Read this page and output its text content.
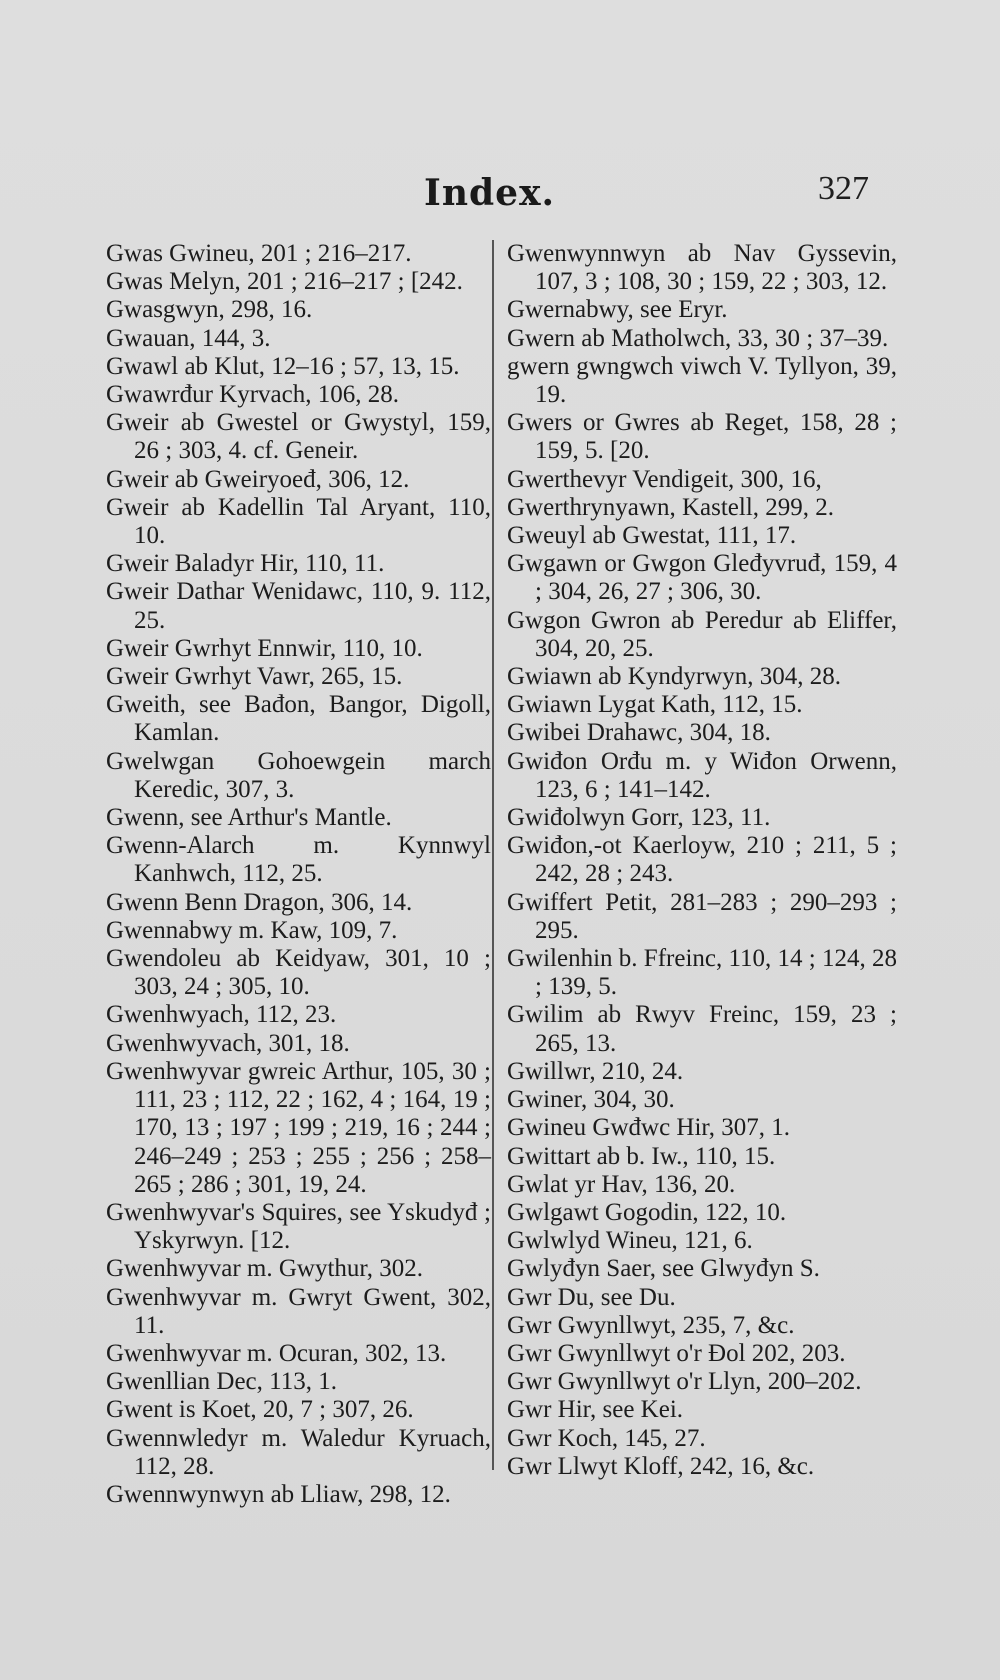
Index.	327
Gwas Gwineu, 201 ; 216–217.
Gwas Melyn, 201 ; 216–217 ; [242.
Gwasgwyn, 298, 16.
Gwauan, 144, 3.
Gwawl ab Klut, 12–16 ; 57, 13, 15.
Gwawrđur Kyrvach, 106, 28.
Gweir ab Gwestel or Gwystyl, 159, 26 ; 303, 4. cf. Geneir.
Gweir ab Gweiryoeđ, 306, 12.
Gweir ab Kadellin Tal Aryant, 110, 10.
Gweir Baladyr Hir, 110, 11.
Gweir Dathar Wenidawc, 110, 9. 112, 25.
Gweir Gwrhyt Ennwir, 110, 10.
Gweir Gwrhyt Vawr, 265, 15.
Gweith, see Bađon, Bangor, Digoll, Kamlan.
Gwelwgan Gohoewgein march Keredic, 307, 3.
Gwenn, see Arthur's Mantle.
Gwenn-Alarch m. Kynnwyl Kanhwch, 112, 25.
Gwenn Benn Dragon, 306, 14.
Gwennabwy m. Kaw, 109, 7.
Gwendoleu ab Keidyaw, 301, 10 ; 303, 24 ; 305, 10.
Gwenhwyach, 112, 23.
Gwenhwyvach, 301, 18.
Gwenhwyvar gwreic Arthur, 105, 30 ; 111, 23 ; 112, 22 ; 162, 4 ; 164, 19 ; 170, 13 ; 197 ; 199 ; 219, 16 ; 244 ; 246–249 ; 253 ; 255 ; 256 ; 258–265 ; 286 ; 301, 19, 24.
Gwenhwyvar's Squires, see Yskudyđ ; Yskyrwyn. [12.
Gwenhwyvar m. Gwythur, 302.
Gwenhwyvar m. Gwryt Gwent, 302, 11.
Gwenhwyvar m. Ocuran, 302, 13.
Gwenllian Dec, 113, 1.
Gwent is Koet, 20, 7 ; 307, 26.
Gwennwledyr m. Waledur Kyruach, 112, 28.
Gwennwynwyn ab Lliaw, 298, 12.
Gwenwynnwyn ab Nav Gyssevin, 107, 3 ; 108, 30 ; 159, 22 ; 303, 12.
Gwernabwy, see Eryr.
Gwern ab Matholwch, 33, 30 ; 37–39.
gwern gwngwch viwch V. Tyllyon, 39, 19.
Gwers or Gwres ab Reget, 158, 28 ; 159, 5. [20.
Gwerthevyr Vendigeit, 300, 16,
Gwerthrynyawn, Kastell, 299, 2.
Gweuyl ab Gwestat, 111, 17.
Gwgawn or Gwgon Gleđyvruđ, 159, 4 ; 304, 26, 27 ; 306, 30.
Gwgon Gwron ab Peredur ab Eliffer, 304, 20, 25.
Gwiawn ab Kyndyrwyn, 304, 28.
Gwiawn Lygat Kath, 112, 15.
Gwibei Drahawc, 304, 18.
Gwiđon Orđu m. y Wiđon Orwenn, 123, 6 ; 141–142.
Gwiđolwyn Gorr, 123, 11.
Gwiđon,-ot Kaerloyw, 210 ; 211, 5 ; 242, 28 ; 243.
Gwiffert Petit, 281–283 ; 290–293 ; 295.
Gwilenhin b. Ffreinc, 110, 14 ; 124, 28 ; 139, 5.
Gwilim ab Rwyv Freinc, 159, 23 ; 265, 13.
Gwillwr, 210, 24.
Gwiner, 304, 30.
Gwineu Gwđwc Hir, 307, 1.
Gwittart ab b. Iw., 110, 15.
Gwlat yr Hav, 136, 20.
Gwlgawt Gogodin, 122, 10.
Gwlwlyd Wineu, 121, 6.
Gwlyđyn Saer, see Glwyđyn S.
Gwr Du, see Du.
Gwr Gwynllwyt, 235, 7, &c.
Gwr Gwynllwyt o'r Đol 202, 203.
Gwr Gwynllwyt o'r Llyn, 200–202.
Gwr Hir, see Kei.
Gwr Koch, 145, 27.
Gwr Llwyt Kloff, 242, 16, &c.
